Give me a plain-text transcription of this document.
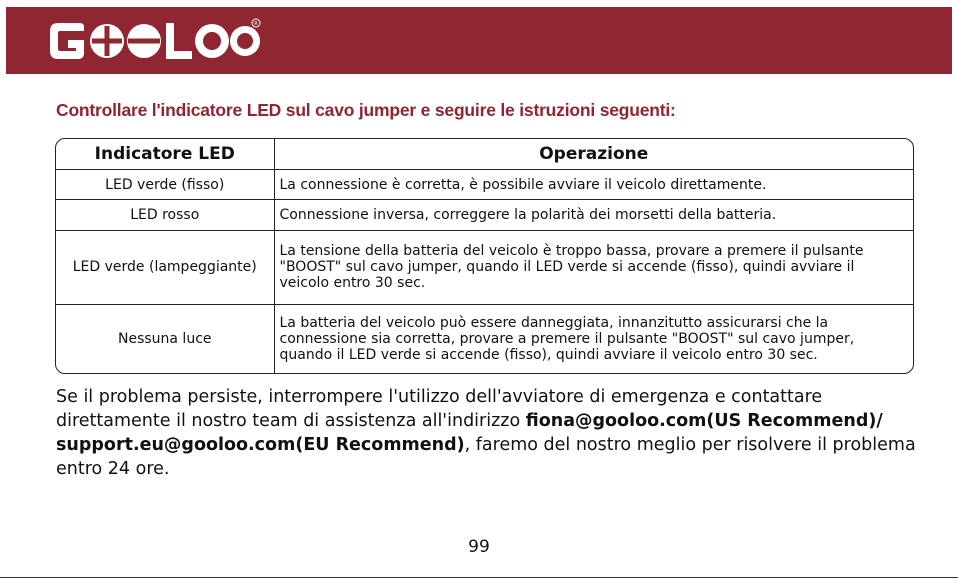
R
Controllare l'indicatore LED sul cavo jumper e seguire le istruzioni seguenti:
Indicatore LED	Operazione
LED verde (fisso)	La connessione è corretta, è possibile avviare il veicolo direttamente.
LED rosso	Connessione inversa, correggere la polarità dei morsetti della batteria.
LED verde (lampeggiante)	La tensione della batteria del veicolo è troppo bassa, provare a premere il pulsante "BOOST" sul cavo jumper, quando il LED verde si accende (fisso), quindi avviare il veicolo entro 30 sec.
Nessuna luce	La batteria del veicolo può essere danneggiata, innanzitutto assicurarsi che la connessione sia corretta, provare a premere il pulsante "BOOST" sul cavo jumper, quando il LED verde si accende (fisso), quindi avviare il veicolo entro 30 sec.

Se il problema persiste, interrompere l'utilizzo dell'avviatore di emergenza e contattare direttamente il nostro team di assistenza all'indirizzo fiona@gooloo.com(US Recommend)/ support.eu@gooloo.com(EU Recommend), faremo del nostro meglio per risolvere il problema entro 24 ore.

99
